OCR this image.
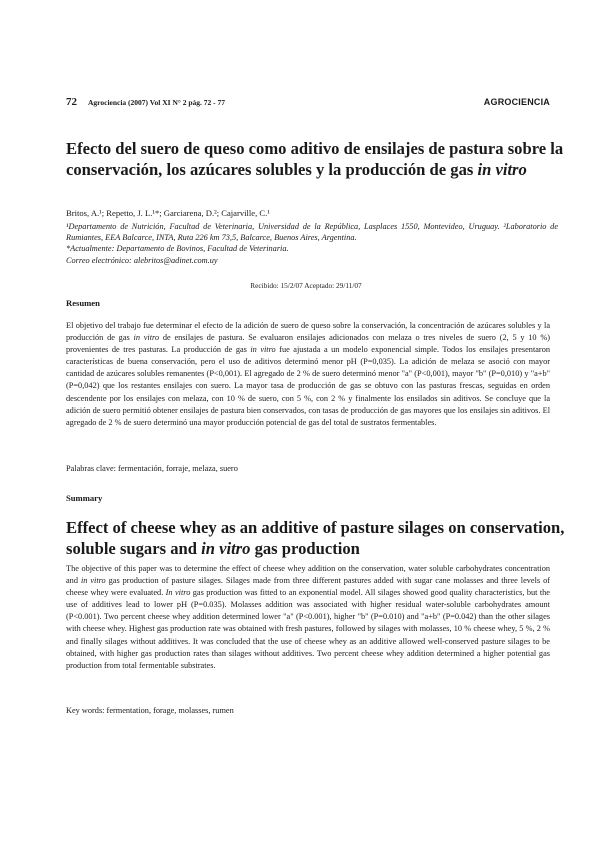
72 Agrociencia (2007) Vol XI N° 2 pág. 72 - 77	AGROCIENCIA
Efecto del suero de queso como aditivo de ensilajes de pastura sobre la conservación, los azúcares solubles y la producción de gas in vitro
Britos, A.¹; Repetto, J. L.¹*; Garciarena, D.²; Cajarville, C.¹
¹Departamento de Nutrición, Facultad de Veterinaria, Universidad de la República, Lasplaces 1550, Montevideo, Uruguay. ²Laboratorio de Rumiantes, EEA Balcarce, INTA, Ruta 226 km 73,5, Balcarce, Buenos Aires, Argentina.
*Actualmente: Departamento de Bovinos, Facultad de Veterinaria.
Correo electrónico: alebritos@adinet.com.uy
Recibido: 15/2/07 Aceptado: 29/11/07
Resumen
El objetivo del trabajo fue determinar el efecto de la adición de suero de queso sobre la conservación, la concentración de azúcares solubles y la producción de gas in vitro de ensilajes de pastura. Se evaluaron ensilajes adicionados con melaza o tres niveles de suero (2, 5 y 10 %) provenientes de tres pasturas. La producción de gas in vitro fue ajustada a un modelo exponencial simple. Todos los ensilajes presentaron características de buena conservación, pero el uso de aditivos determinó menor pH (P=0,035). La adición de melaza se asoció con mayor cantidad de azúcares solubles remanentes (P<0,001). El agregado de 2 % de suero determinó menor "a" (P<0,001), mayor "b" (P=0,010) y "a+b" (P=0,042) que los restantes ensilajes con suero. La mayor tasa de producción de gas se obtuvo con las pasturas frescas, seguidas en orden descendente por los ensilajes con melaza, con 10 % de suero, con 5 %, con 2 % y finalmente los ensilados sin aditivos. Se concluye que la adición de suero permitió obtener ensilajes de pastura bien conservados, con tasas de producción de gas mayores que los ensilajes sin aditivos. El agregado de 2 % de suero determinó una mayor producción potencial de gas del total de sustratos fermentables.
Palabras clave: fermentación, forraje, melaza, suero
Summary
Effect of cheese whey as an additive of pasture silages on conservation, soluble sugars and in vitro gas production
The objective of this paper was to determine the effect of cheese whey addition on the conservation, water soluble carbohydrates concentration and in vitro gas production of pasture silages. Silages made from three different pastures added with sugar cane molasses and three levels of cheese whey were evaluated. In vitro gas production was fitted to an exponential model. All silages showed good quality characteristics, but the use of additives lead to lower pH (P=0.035). Molasses addition was associated with higher residual water-soluble carbohydrates amount (P<0.001). Two percent cheese whey addition determined lower "a" (P<0.001), higher "b" (P=0.010) and "a+b" (P=0.042) than the other silages with cheese whey. Highest gas production rate was obtained with fresh pastures, followed by silages with molasses, 10 % cheese whey, 5 %, 2 % and finally silages without additives. It was concluded that the use of cheese whey as an additive allowed well-conserved pasture silages to be obtained, with higher gas production rates than silages without additives. Two percent cheese whey addition determined a higher potential gas production from total fermentable substrates.
Key words: fermentation, forage, molasses, rumen
